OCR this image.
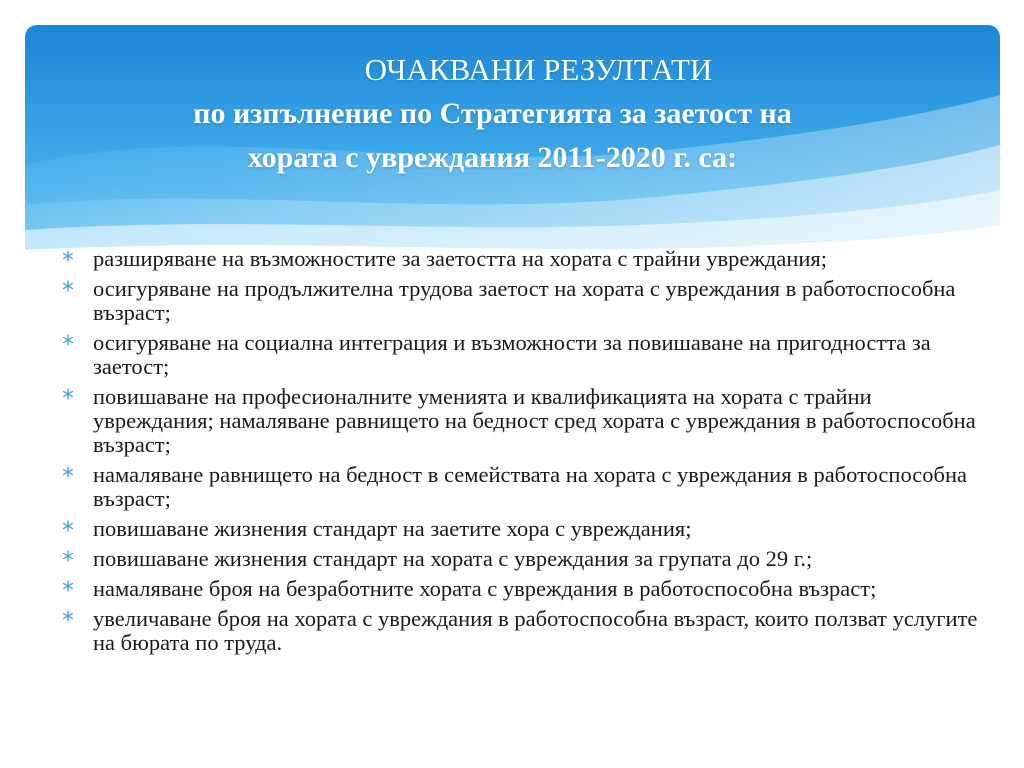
ОЧАКВАНИ РЕЗУЛТАТИ
по изпълнение по Стратегията за заетост на
хората с увреждания 2011-2020 г. са:
разширяване на възможностите за заетостта на хората с трайни увреждания;
осигуряване на продължителна трудова заетост на хората с увреждания в работоспособна възраст;
осигуряване на социална интеграция и възможности за повишаване на пригодността за заетост;
повишаване на професионалните уменията и квалификацията на хората с трайни увреждания; намаляване равнището на бедност сред хората с увреждания в работоспособна възраст;
намаляване равнището на бедност в семействата на хората с увреждания в работоспособна възраст;
повишаване жизнения стандарт на заетите хора с увреждания;
повишаване жизнения стандарт на хората с увреждания за групата до 29 г.;
намаляване броя на безработните хората с увреждания в работоспособна възраст;
увеличаване броя на хората с увреждания в работоспособна възраст, които ползват услугите на бюрата по труда.
